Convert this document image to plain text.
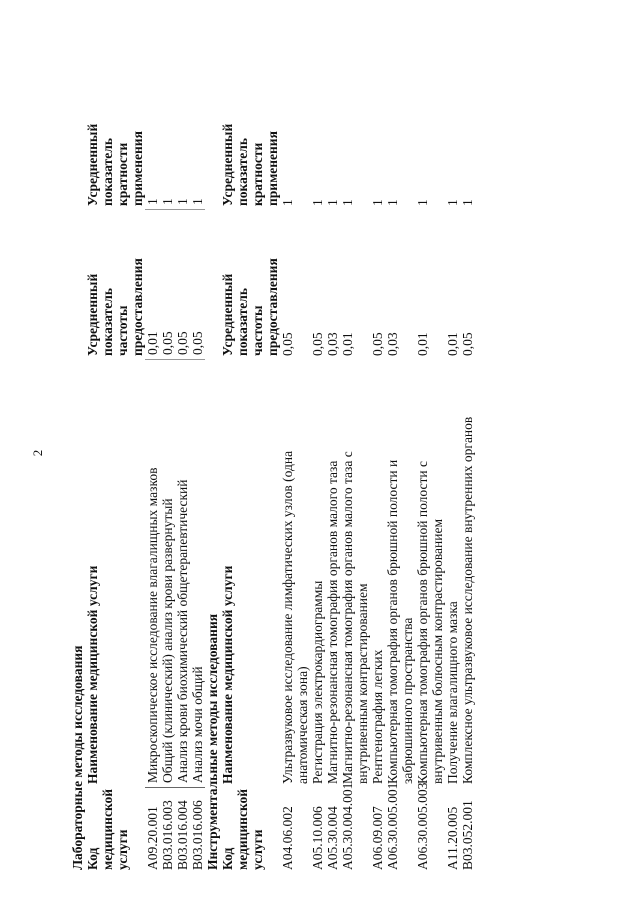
2
Лабораторные методы исследования Код медицинской услуги
Наименование медицинской услуги
Усредненный показатель частоты предоставления
Усредненный показатель кратности применения
A09.20.001
Микроскопическое исследование влагалищных мазков
0,01
1
B03.016.003
Общий (клинический) анализ крови развернутый
0,05
1
B03.016.004
Анализ крови биохимический общетерапевтический
0,05
1
B03.016.006
Анализ мочи общий
0,05
1
Инструментальные методы исследования Код медицинской услуги
Наименование медицинской услуги
Усредненный показатель частоты предоставления
Усредненный показатель кратности применения
A04.06.002
Ультразвуковое исследование лимфатических узлов (одна анатомическая зона)
0,05
1
A05.10.006
Регистрация электрокардиограммы
0,05
1
A05.30.004
Магнитно-резонансная томография органов малого таза
0,03
1
A05.30.004.001
Магнитно-резонансная томография органов малого таза с внутривенным контрастированием
0,01
1
A06.09.007
Рентгенография легких
0,05
1
A06.30.005.001
Компьютерная томография органов брюшной полости и забрюшинного пространства
0,03
1
A06.30.005.003
Компьютерная томография органов брюшной полости с внутривенным болюсным контрастированием
0,01
1
A11.20.005
Получение влагалищного мазка
0,01
1
B03.052.001
Комплексное ультразвуковое исследование внутренних органов
0,05
1
